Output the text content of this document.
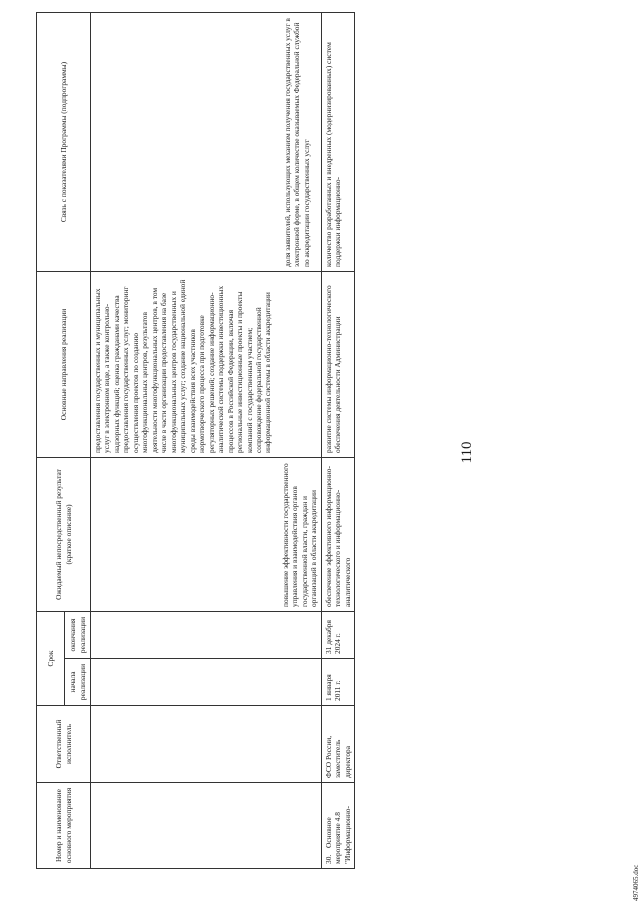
110
Номер и наименование основного мероприятия	Ответственный исполнитель	Срок		Ожидаемый непосредственный результат (краткое описание)	Основные направления реализации	Связь с показателями Программы (подпрограммы)
		начала реализации	окончания реализации			

				повышение эффективности государственного управления и взаимодействия органов государственной власти, граждан и организаций в области аккредитации	предоставления государственных и муниципальных услуг в электронном виде, а также контрольно-надзорных функций; оценка гражданами качества предоставления государственных услуг; мониторинг осуществления проектов по созданию многофункциональных центров, результатов деятельности многофункциональных центров, в том числе в части организации предоставления на базе многофункциональных центров государственных и муниципальных услуг; создание национальной единой среды взаимодействия всех участников нормотворческого процесса при подготовке регуляторных решений; создание информационно-аналитической системы поддержки инвестиционных процессов в Российской Федерации, включая региональные инвестиционные проекты и проекты компаний с государственным участием; сопровождение федеральной государственной информационной системы в области аккредитации	доля заявителей, использующих механизм получения государственных услуг в электронной форме, в общем количестве оказываемых Федеральной службой по аккредитации государственных услуг

30.Основное мероприятие 4.8 "Информационно-	ФСО России, заместитель директора	1 января 2011 г.	31 декабря 2024 г.	обеспечение эффективного информационно-технологического и информационно-аналитического	развитие системы информационно-технологического обеспечения деятельности Администрации	количество разработанных и внедренных (модернизированных) систем поддержки информационно-
4974065.doc
